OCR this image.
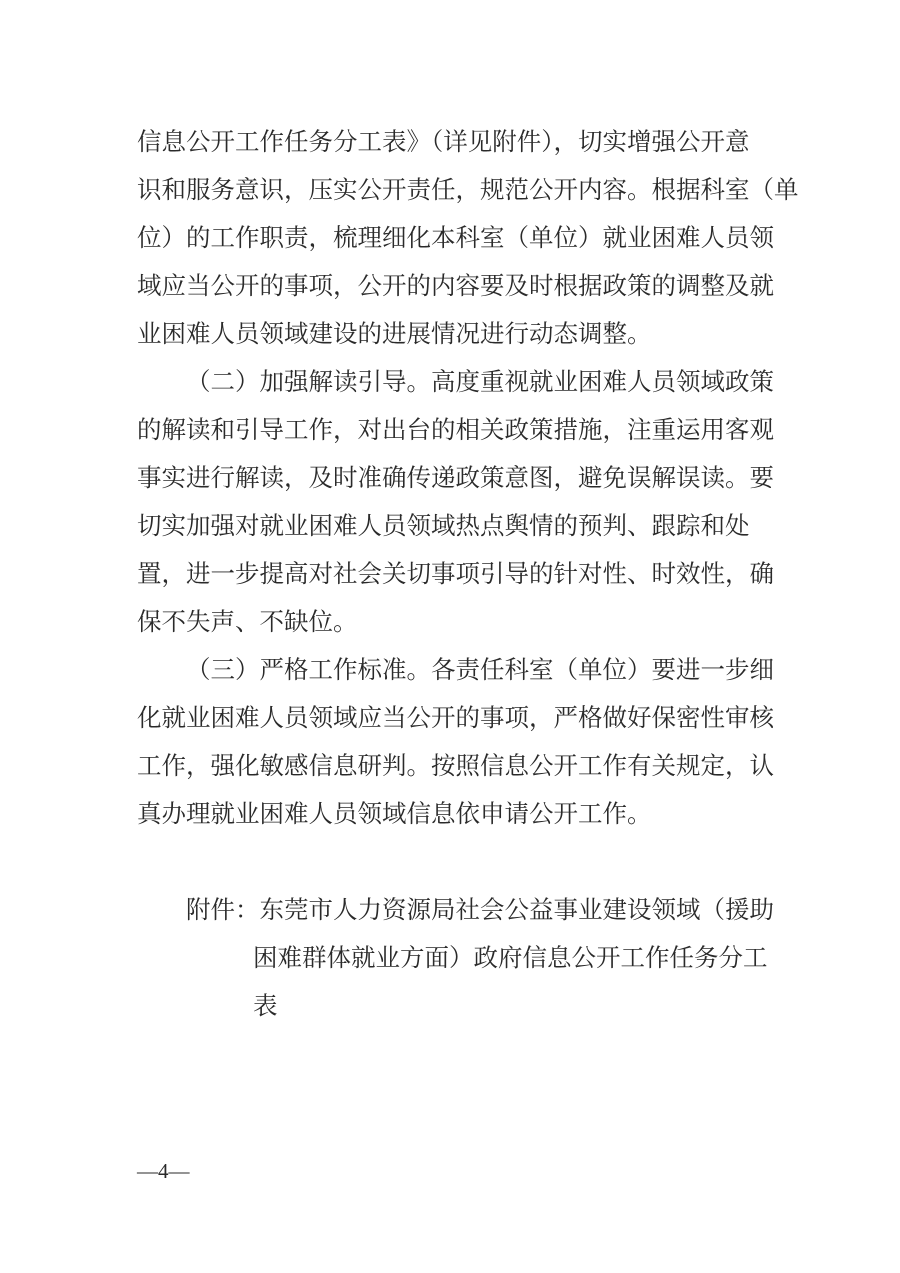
信息公开工作任务分工表》（详见附件），切实增强公开意
识和服务意识，压实公开责任，规范公开内容。根据科室（单
位）的工作职责，梳理细化本科室（单位）就业困难人员领
域应当公开的事项，公开的内容要及时根据政策的调整及就
业困难人员领域建设的进展情况进行动态调整。
（二）加强解读引导。高度重视就业困难人员领域政策
的解读和引导工作，对出台的相关政策措施，注重运用客观
事实进行解读，及时准确传递政策意图，避免误解误读。要
切实加强对就业困难人员领域热点舆情的预判、跟踪和处
置，进一步提高对社会关切事项引导的针对性、时效性，确
保不失声、不缺位。
（三）严格工作标准。各责任科室（单位）要进一步细
化就业困难人员领域应当公开的事项，严格做好保密性审核
工作，强化敏感信息研判。按照信息公开工作有关规定，认
真办理就业困难人员领域信息依申请公开工作。
附件：东莞市人力资源局社会公益事业建设领域（援助
困难群体就业方面）政府信息公开工作任务分工
表
—4—
